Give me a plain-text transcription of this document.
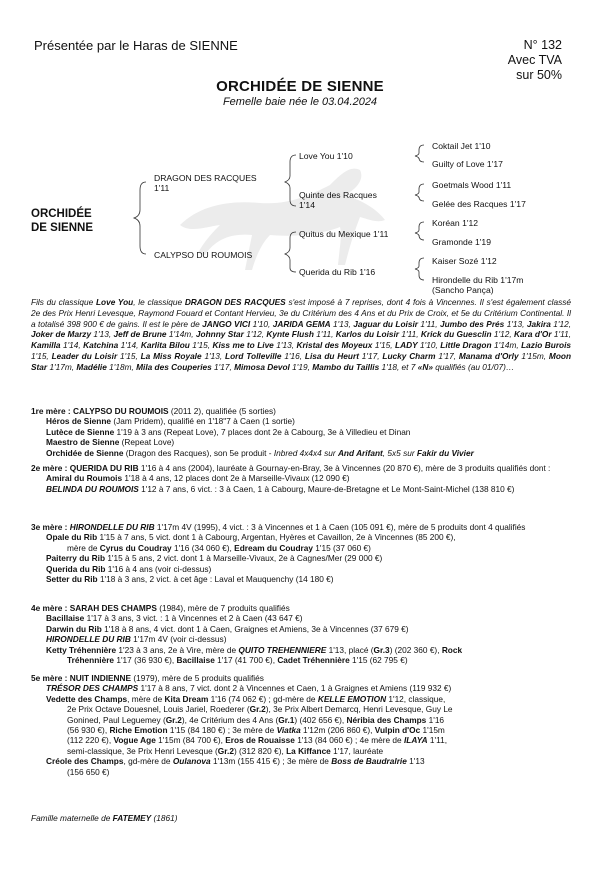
Présentée par le Haras de SIENNE	N° 132
Avec TVA
sur 50%
ORCHIDÉE DE SIENNE
Femelle baie née le 03.04.2024
ORCHIDÉE
DE SIENNE
DRAGON DES RACQUES
1'11
CALYPSO DU ROUMOIS
Love You 1'10
Quinte des Racques
1'14
Quitus du Mexique 1'11
Querida du Rib 1'16
Coktail Jet 1'10
Guilty of Love 1'17
Goetmals Wood 1'11
Gelée des Racques 1'17
Koréan 1'12
Gramonde 1'19
Kaiser Sozé 1'12
Hirondelle du Rib 1'17m
(Sancho Pança)
Fils du classique Love You, le classique DRAGON DES RACQUES s'est imposé à 7 reprises, dont 4 fois à Vincennes. Il s'est également classé 2e des Prix Henri Levesque, Raymond Fouard et Contant Hervieu, 3e du Critérium des 4 Ans et du Prix de Croix, et 5e du Critérium Continental. Il a totalisé 398 900 € de gains. Il est le père de JANGO VICI 1'10, JARIDA GEMA 1'13, Jaguar du Loisir 1'11, Jumbo des Prés 1'13, Jakira 1'12, Joker de Marzy 1'13, Jeff de Brune 1'14m, Johnny Star 1'12, Kynte Flush 1'11, Karlos du Loisir 1'11, Krick du Guesclin 1'12, Kara d'Or 1'11, Kamilla 1'14, Katchina 1'14, Karlita Bilou 1'15, Kiss me to Live 1'13, Kristal des Moyeux 1'15, LADY 1'10, Little Dragon 1'14m, Lazio Burois 1'15, Leader du Loisir 1'15, La Miss Royale 1'13, Lord Tolleville 1'16, Lisa du Heurt 1'17, Lucky Charm 1'17, Manama d'Orly 1'15m, Moon Star 1'17m, Madélie 1'18m, Mila des Couperies 1'17, Mimosa Devol 1'19, Mambo du Taillis 1'18, et 7 «N» qualifiés (au 01/07)…
1re mère : CALYPSO DU ROUMOIS (2011 2), qualifiée (5 sorties)
Héros de Sienne (Jam Pridem), qualifié en 1'18"7 à Caen (1 sortie)
Lutèce de Sienne 1'19 à 3 ans (Repeat Love), 7 places dont 2e à Cabourg, 3e à Villedieu et Dinan
Maestro de Sienne (Repeat Love)
Orchidée de Sienne (Dragon des Racques), son 5e produit - Inbred 4x4x4 sur And Arifant, 5x5 sur Fakir du Vivier
2e mère : QUERIDA DU RIB 1'16 à 4 ans (2004), lauréate à Gournay-en-Bray, 3e à Vincennes (20 870 €), mère de 3 produits qualifiés dont :
Amiral du Roumois 1'18 à 4 ans, 12 places dont 2e à Marseille-Vivaux (12 090 €)
BELINDA DU ROUMOIS 1'12 à 7 ans, 6 vict. : 3 à Caen, 1 à Cabourg, Maure-de-Bretagne et Le Mont-Saint-Michel (138 810 €)
3e mère : HIRONDELLE DU RIB 1'17m 4V (1995), 4 vict. : 3 à Vincennes et 1 à Caen (105 091 €), mère de 5 produits dont 4 qualifiés
Opale du Rib 1'15 à 7 ans, 5 vict. dont 1 à Cabourg, Argentan, Hyères et Cavaillon, 2e à Vincennes (85 200 €),
mère de Cyrus du Coudray 1'16 (34 060 €), Edream du Coudray 1'15 (37 060 €)
Paiterry du Rib 1'15 à 5 ans, 2 vict. dont 1 à Marseille-Vivaux, 2e à Cagnes/Mer (29 000 €)
Querida du Rib 1'16 à 4 ans (voir ci-dessus)
Setter du Rib 1'18 à 3 ans, 2 vict. à cet âge : Laval et Mauquenchy (14 180 €)
4e mère : SARAH DES CHAMPS (1984), mère de 7 produits qualifiés
Bacillaise 1'17 à 3 ans, 3 vict. : 1 à Vincennes et 2 à Caen (43 647 €)
Darwin du Rib 1'18 à 8 ans, 4 vict. dont 1 à Caen, Graignes et Amiens, 3e à Vincennes (37 679 €)
HIRONDELLE DU RIB 1'17m 4V (voir ci-dessus)
Ketty Tréhennière 1'23 à 3 ans, 2e à Vire, mère de QUITO TREHENNIERE 1'13, placé (Gr.3) (202 360 €), Rock
Tréhennière 1'17 (36 930 €), Bacillaise 1'17 (41 700 €), Cadet Tréhennière 1'15 (62 795 €)
5e mère : NUIT INDIENNE (1979), mère de 5 produits qualifiés
TRÉSOR DES CHAMPS 1'17 à 8 ans, 7 vict. dont 2 à Vincennes et Caen, 1 à Graignes et Amiens (119 932 €)
Vedette des Champs, mère de Kita Dream 1'16 (74 062 €) ; gd-mère de KELLE EMOTION 1'12, classique,
2e Prix Octave Douesnel, Louis Jariel, Roederer (Gr.2), 3e Prix Albert Demarcq, Henri Levesque, Guy Le
Gonined, Paul Leguemey (Gr.2), 4e Critérium des 4 Ans (Gr.1) (402 656 €), Néribia des Champs 1'16
(56 930 €), Riche Emotion 1'15 (84 180 €) ; 3e mère de Viatka 1'12m (206 860 €), Vulpin d'Oc 1'15m
(112 220 €), Vogue Age 1'15m (84 700 €), Eros de Rouaisse 1'13 (84 060 €) ; 4e mère de ILAYA 1'11,
semi-classique, 3e Prix Henri Levesque (Gr.2) (312 820 €), La Kiffance 1'17, lauréate
Créole des Champs, gd-mère de Oulanova 1'13m (155 415 €) ; 3e mère de Boss de Baudralrie 1'13
(156 650 €)
Famille maternelle de FATEMEY (1861)
